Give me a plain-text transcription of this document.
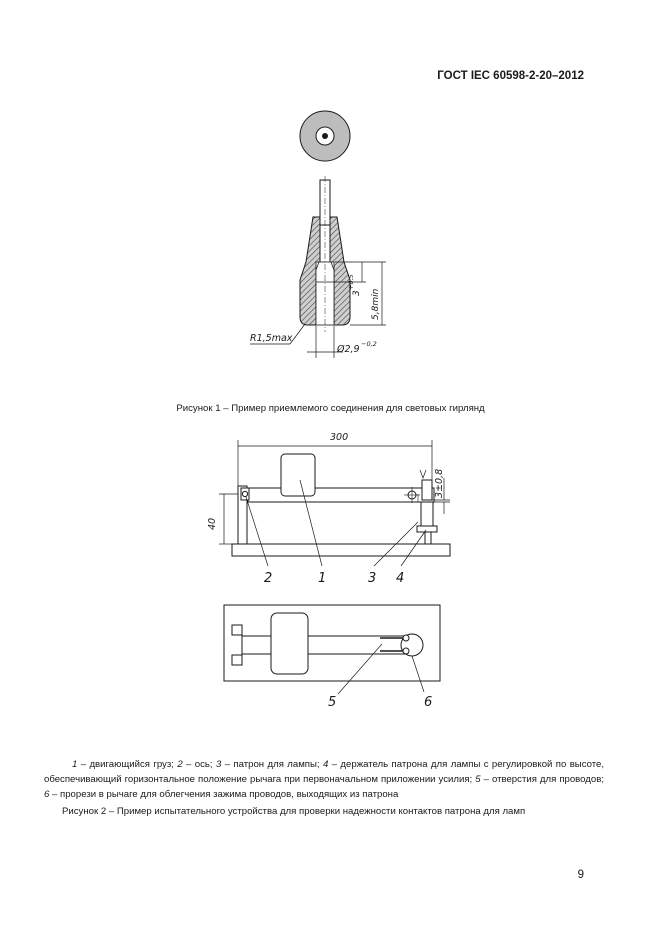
ГОСТ IEC 60598-2-20–2012
R1,5max
Ø2,9 −0,2
3
+0,5
5,8min
Рисунок 1 – Пример приемлемого соединения для световых гирлянд
300
40
3±0,8
2	1	3 4
5	6
1 – двигающийся груз; 2 – ось; 3 – патрон для лампы; 4 – держатель патрона для лампы с регулировкой по высоте, обеспечивающий горизонтальное положение рычага при первоначальном приложении усилия; 5 – отверстия для проводов; 6 – прорези в рычаге для облегчения зажима проводов, выходящих из патрона
Рисунок 2 – Пример испытательного устройства для проверки надежности контактов патрона для ламп
9
